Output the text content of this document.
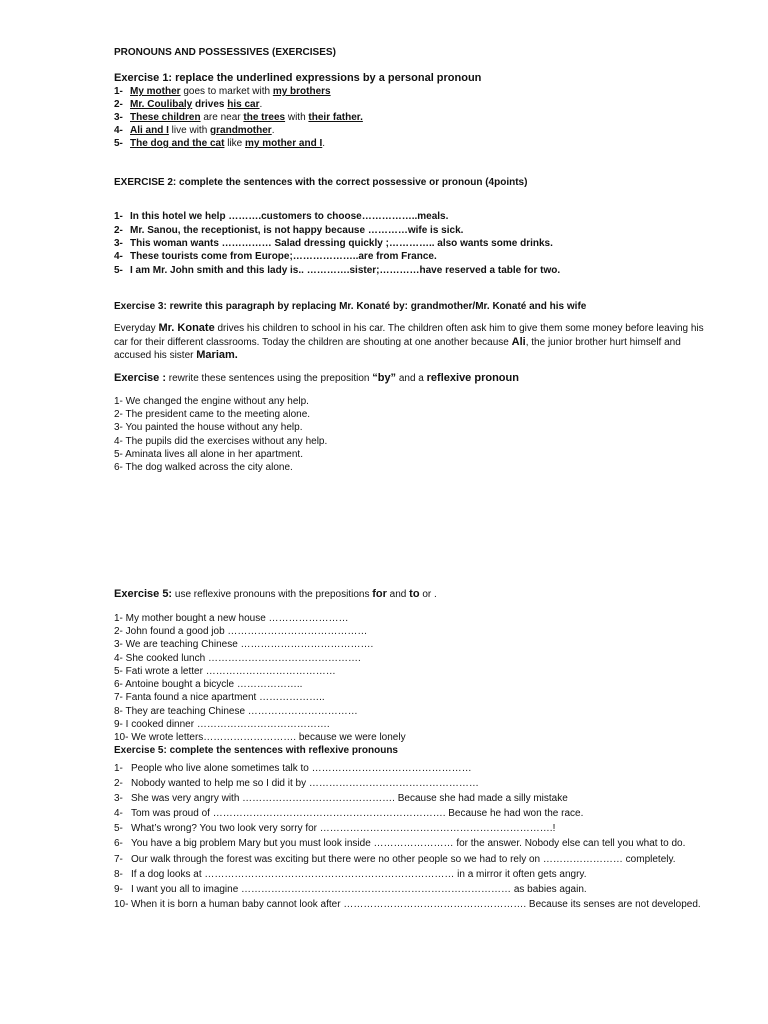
PRONOUNS AND POSSESSIVES (EXERCISES)
Exercise 1: replace the underlined expressions by a personal pronoun
1- My mother goes to market with my brothers
2- Mr. Coulibaly drives his car.
3- These children are near the trees with their father.
4- Ali and I live with grandmother.
5- The dog and the cat like my mother and I.
EXERCISE 2: complete the sentences with the correct possessive or pronoun (4points)
1- In this hotel we help ……….customers to choose……………..meals.
2- Mr. Sanou, the receptionist, is not happy because …………wife is sick.
3- This woman wants …………… Salad dressing quickly ;………….. also wants some drinks.
4- These tourists come from Europe;………………..are from France.
5- I am Mr. John smith and this lady is.. ………….sister;…………have reserved a table for two.
Exercise 3: rewrite this paragraph by replacing Mr. Konaté by: grandmother/Mr. Konaté and his wife
Everyday Mr. Konate drives his children to school in his car. The children often ask him to give them some money before leaving his car for their different classrooms. Today the children are shouting at one another because Ali, the junior brother hurt himself and accused his sister Mariam.
Exercise : rewrite these sentences using the preposition “by” and a reflexive pronoun
1- We changed the engine without any help.
2- The president came to the meeting alone.
3- You painted the house without any help.
4- The pupils did the exercises without any help.
5- Aminata lives all alone in her apartment.
6- The dog walked across the city alone.
Exercise 5: use reflexive pronouns with the prepositions for and to or .
1- My mother bought a new house ……………………
2- John found a good job ……………………………………
3- We are teaching Chinese ………………………………….
4- She cooked lunch ……………………………………….
5- Fati wrote a letter …………………………………
6- Antoine bought a bicycle ………………..
7- Fanta found a nice apartment ………………..
8- They are teaching Chinese ……………………………
9- I cooked dinner ………………………………….
10- We wrote letters………………………. because we were lonely
Exercise 5: complete the sentences with reflexive pronouns
1- People who live alone sometimes talk to …………………………………………
2- Nobody wanted to help me so I did it by ……………………………………………
3- She was very angry with ………………………………………. Because she had made a silly mistake
4- Tom was proud of ……………………………………………………………. Because he had won the race.
5- What’s wrong? You two look very sorry for …………………………………………………………….!
6- You have a big problem Mary but you must look inside …………………… for the answer. Nobody else can tell you what to do.
7- Our walk through the forest was exciting but there were no other people so we had to rely on …………………… completely.
8- If a dog looks at ………………………………………………………………… in a mirror it often gets angry.
9- I want you all to imagine ……………………………………………………………………… as babies again.
10- When it is born a human baby cannot look after ………………………………………………. Because its senses are not developed.
